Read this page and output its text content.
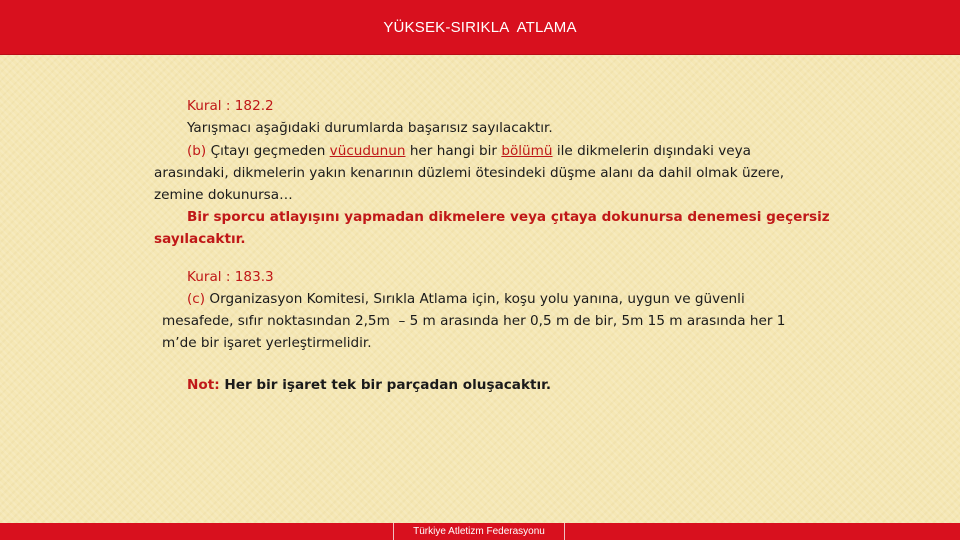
YÜKSEK-SIRIKLA  ATLAMA
Kural : 182.2
Yarışmacı aşağıdaki durumlarda başarısız sayılacaktır.
(b) Çıtayı geçmeden vücudunun her hangi bir bölümü ile dikmelerin dışındaki veya
arasındaki, dikmelerin yakın kenarının düzlemi ötesindeki düşme alanı da dahil olmak üzere,
zemine dokunursa…
Bir sporcu atlayışını yapmadan dikmelere veya çıtaya dokunursa denemesi geçersiz
sayılacaktır.
Kural : 183.3
(c) Organizasyon Komitesi, Sırıkla Atlama için, koşu yolu yanına, uygun ve güvenli
mesafede, sıfır noktasından 2,5m  – 5 m arasında her 0,5 m de bir, 5m 15 m arasında her 1
m’de bir işaret yerleştirmelidir.
Not: Her bir işaret tek bir parçadan oluşacaktır.
Türkiye Atletizm Federasyonu
